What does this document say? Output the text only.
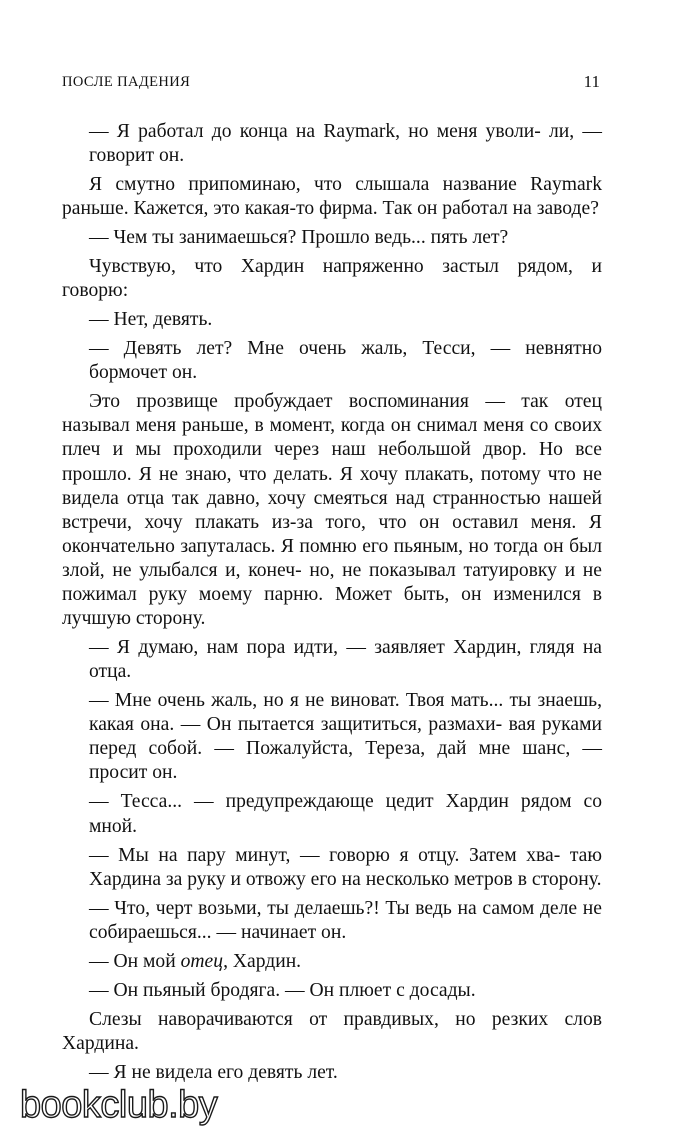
ПОСЛЕ ПАДЕНИЯ	11

— Я работал до конца на Raymark, но меня уволи- ли, — говорит он.

Я смутно припоминаю, что слышала название Raymark раньше. Кажется, это какая-то фирма. Так он работал на заводе?

— Чем ты занимаешься? Прошло ведь... пять лет?

Чувствую, что Хардин напряженно застыл рядом, и
говорю:

— Нет, девять.

— Девять лет? Мне очень жаль, Тесси, — невнятно бормочет он.

Это прозвище пробуждает воспоминания — так отец называл меня раньше, в момент, когда он снимал меня со своих плеч и мы проходили через наш небольшой двор. Но все прошло. Я не знаю, что делать. Я хочу плакать, потому что не видела отца так давно, хочу смеяться над странностью нашей встречи, хочу плакать из-за того, что он оставил меня. Я окончательно запуталась. Я помню его пьяным, но тогда он был злой, не улыбался и, конеч- но, не показывал татуировку и не пожимал руку моему парню. Может быть, он изменился в лучшую сторону.

— Я думаю, нам пора идти, — заявляет Хардин, глядя на отца.

— Мне очень жаль, но я не виноват. Твоя мать... ты знаешь, какая она. — Он пытается защититься, размахи- вая руками перед собой. — Пожалуйста, Тереза, дай мне шанс, — просит он.

— Тесса... — предупреждающе цедит Хардин рядом со мной.

— Мы на пару минут, — говорю я отцу. Затем хва- таю Хардина за руку и отвожу его на несколько метров в сторону.

— Что, черт возьми, ты делаешь?! Ты ведь на самом деле не собираешься... — начинает он.

— Он мой отец, Хардин.

— Он пьяный бродяга. — Он плюет с досады.

Слезы наворачиваются от правдивых, но резких слов Хардина.

— Я не видела его девять лет.

bookclub.by
